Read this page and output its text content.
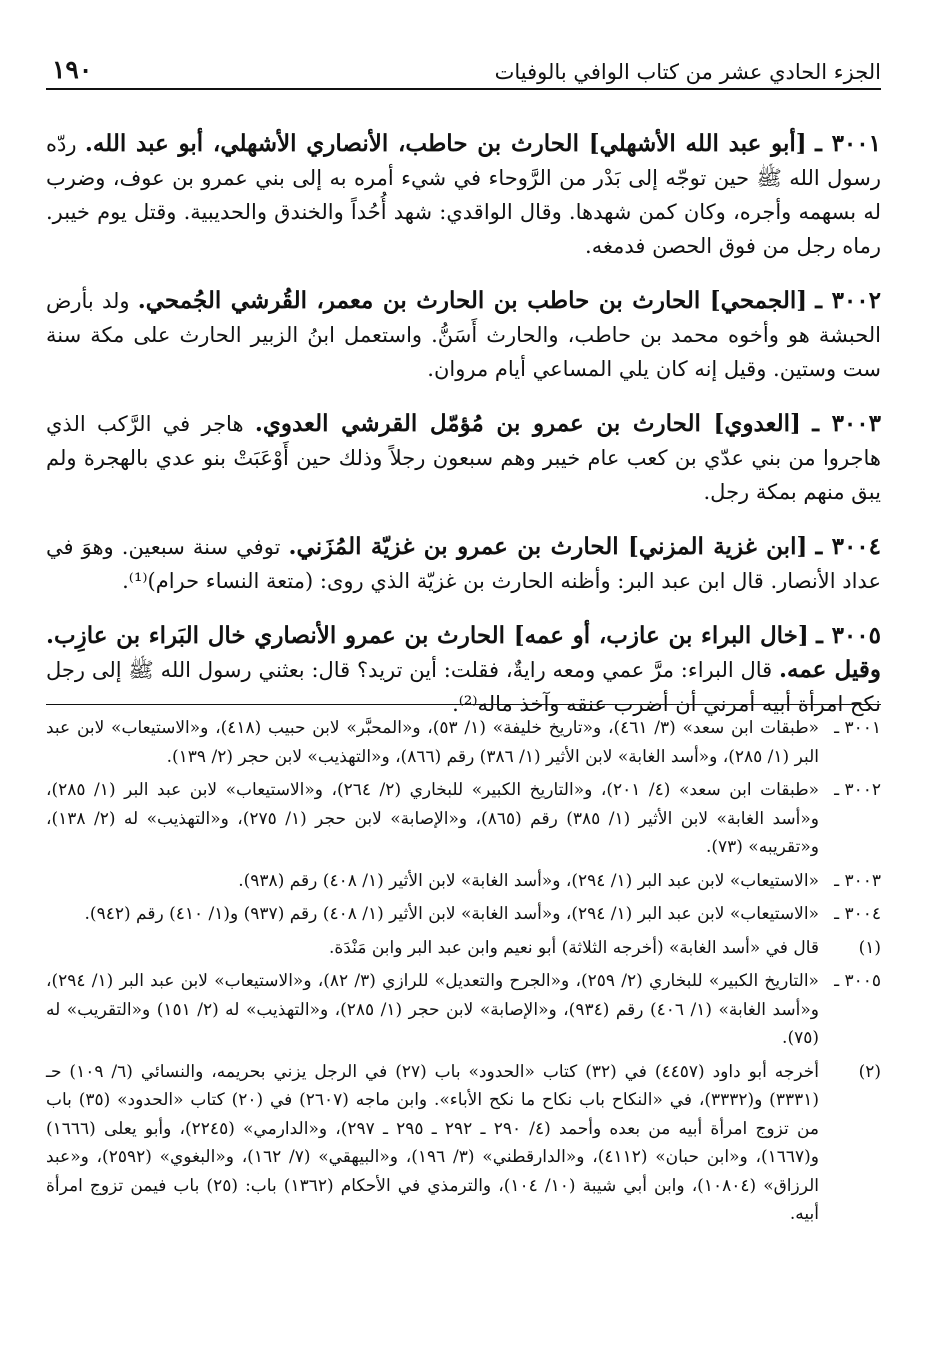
الجزء الحادي عشر من كتاب الوافي بالوفيات
١٩٠

٣٠٠١ ـ [أبو عبد الله الأشهلي] الحارث بن حاطب، الأنصاري الأشهلي، أبو عبد الله. ردّه رسول الله ﷺ حين توجّه إلى بَدْر من الرَّوحاء في شيء أمره به إلى بني عمرو بن عوف، وضرب له بسهمه وأجره، وكان كمن شهدها. وقال الواقدي: شهد أُحُداً والخندق والحديبية. وقتل يوم خيبر. رماه رجل من فوق الحصن فدمغه.

٣٠٠٢ ـ [الجمحي] الحارث بن حاطب بن الحارث بن معمر، القُرشي الجُمحي. ولد بأرض الحبشة هو وأخوه محمد بن حاطب، والحارث أَسَنُّ. واستعمل ابنُ الزبير الحارث على مكة سنة ست وستين. وقيل إنه كان يلي المساعي أيام مروان.

٣٠٠٣ ـ [العدوي] الحارث بن عمرو بن مُؤمّل القرشي العدوي. هاجر في الرَّكب الذي هاجروا من بني عدّي بن كعب عام خيبر وهم سبعون رجلاً وذلك حين أَوْعَبَتْ بنو عدي بالهجرة ولم يبق منهم بمكة رجل.

٣٠٠٤ ـ [ابن غزية المزني] الحارث بن عمرو بن غزيّة المُزَني. توفي سنة سبعين. وهوَ في عداد الأنصار. قال ابن عبد البر: وأظنه الحارث بن غزيّة الذي روى: (متعة النساء حرام)⁽¹⁾.

٣٠٠٥ ـ [خال البراء بن عازب، أو عمه] الحارث بن عمرو الأنصاري خال البَراء بن عازِب. وقيل عمه. قال البراء: مرَّ عمي ومعه رايةٌ، فقلت: أين تريد؟ قال: بعثني رسول الله ﷺ إلى رجل نكح امرأة أبيه أمرني أن أضرب عنقه وآخذ ماله⁽²⁾.

٣٠٠١ ـ
«طبقات ابن سعد» (٣/ ٤٦١)، و«تاريخ خليفة» (١/ ٥٣)، و«المحبَّر» لابن حبيب (٤١٨)، و«الاستيعاب» لابن عبد البر (١/ ٢٨٥)، و«أسد الغابة» لابن الأثير (١/ ٣٨٦) رقم (٨٦٦)، و«التهذيب» لابن حجر (٢/ ١٣٩).
٣٠٠٢ ـ
«طبقات ابن سعد» (٤/ ٢٠١)، و«التاريخ الكبير» للبخاري (٢/ ٢٦٤)، و«الاستيعاب» لابن عبد البر (١/ ٢٨٥)، و«أسد الغابة» لابن الأثير (١/ ٣٨٥) رقم (٨٦٥)، و«الإصابة» لابن حجر (١/ ٢٧٥)، و«التهذيب» له (٢/ ١٣٨)، و«تقريبه» (٧٣).
٣٠٠٣ ـ
«الاستيعاب» لابن عبد البر (١/ ٢٩٤)، و«أسد الغابة» لابن الأثير (١/ ٤٠٨) رقم (٩٣٨).
٣٠٠٤ ـ
«الاستيعاب» لابن عبد البر (١/ ٢٩٤)، و«أسد الغابة» لابن الأثير (١/ ٤٠٨) رقم (٩٣٧) و(١/ ٤١٠) رقم (٩٤٢).
(١)
قال في «أسد الغابة» (أخرجه الثلاثة) أبو نعيم وابن عبد البر وابن مَنْدَة.
٣٠٠٥ ـ
«التاريخ الكبير» للبخاري (٢/ ٢٥٩)، و«الجرح والتعديل» للرازي (٣/ ٨٢)، و«الاستيعاب» لابن عبد البر (١/ ٢٩٤)، و«أسد الغابة» (١/ ٤٠٦) رقم (٩٣٤)، و«الإصابة» لابن حجر (١/ ٢٨٥)، و«التهذيب» له (٢/ ١٥١) و«التقريب» له (٧٥).
(٢)
أخرجه أبو داود (٤٤٥٧) في (٣٢) كتاب «الحدود» باب (٢٧) في الرجل يزني بحريمه، والنسائي (٦/ ١٠٩) حـ (٣٣٣١) و(٣٣٣٢)، في «النكاح باب نكاح ما نكح الأباء». وابن ماجه (٢٦٠٧) في (٢٠) كتاب «الحدود» (٣٥) باب من تزوج امرأة أبيه من بعده وأحمد (٤/ ٢٩٠ ـ ٢٩٢ ـ ٢٩٥ ـ ٢٩٧)، و«الدارمي» (٢٢٤٥)، وأبو يعلى (١٦٦٦) و(١٦٦٧)، و«ابن حبان» (٤١١٢)، و«الدارقطني» (٣/ ١٩٦)، و«البيهقي» (٧/ ١٦٢)، و«البغوي» (٢٥٩٢)، و«عبد الرزاق» (١٠٨٠٤)، وابن أبي شيبة (١٠/ ١٠٤)، والترمذي في الأحكام (١٣٦٢) باب: (٢٥) باب فيمن تزوج امرأة أبيه.
